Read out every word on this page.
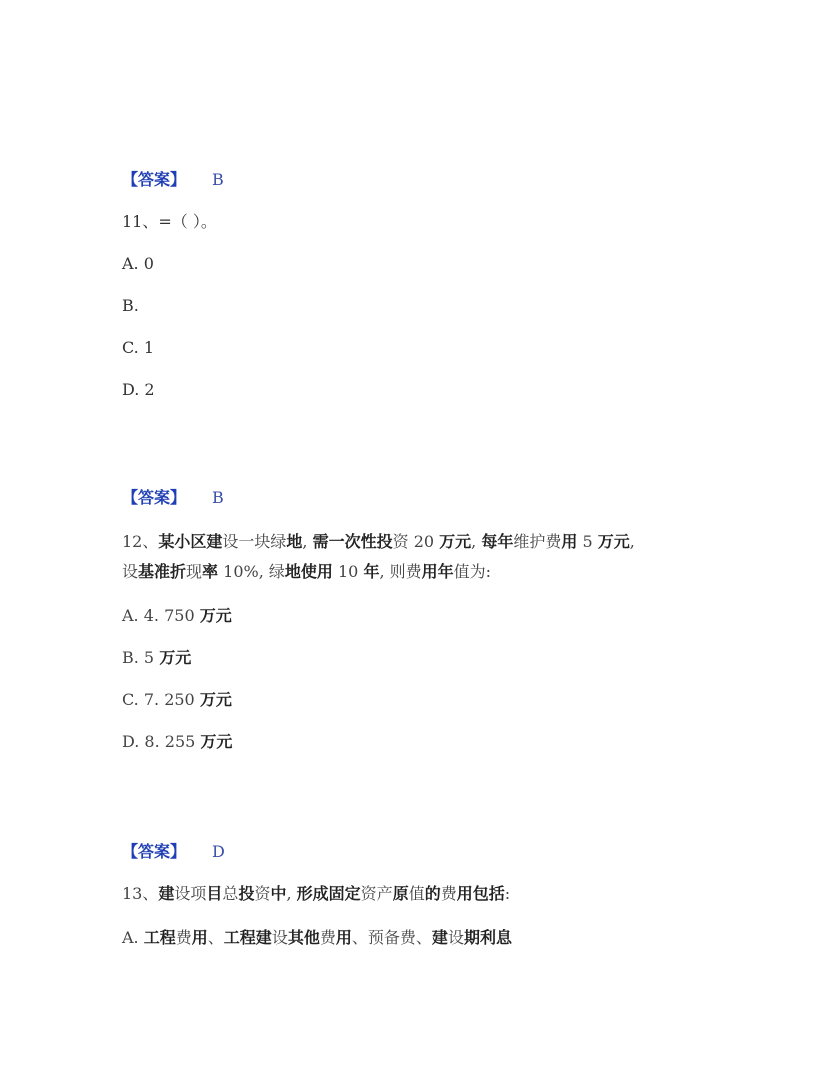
【答案】 B
11、=（ ）。
A. 0
B.
C. 1
D. 2
【答案】 B
12、某小区建设一块绿地, 需一次性投资 20 万元, 每年维护费用 5 万元,
设基准折现率 10%, 绿地使用 10 年, 则费用年值为:
A. 4. 750 万元
B. 5 万元
C. 7. 250 万元
D. 8. 255 万元
【答案】 D
13、建设项目总投资中, 形成固定资产原值的费用包括:
A. 工程费用、工程建设其他费用、预备费、建设期利息
